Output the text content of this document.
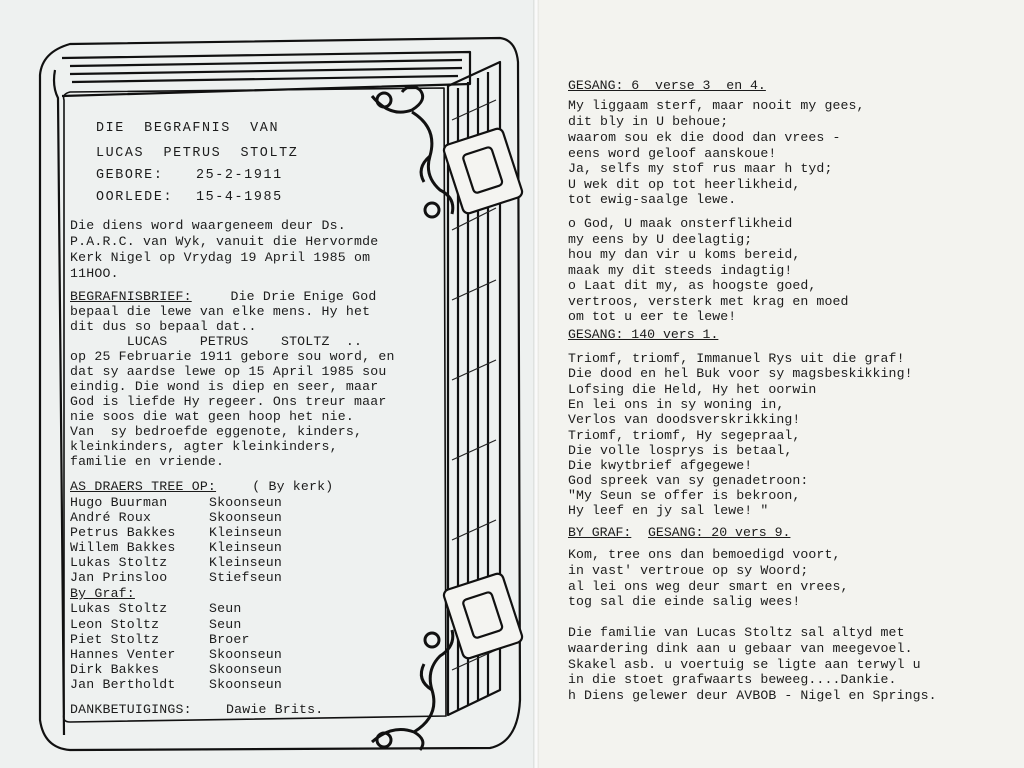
DIE  BEGRAFNIS  VAN
LUCAS  PETRUS  STOLTZ
GEBORE: 25-2-1911
OORLEDE: 15-4-1985
Die diens word waargeneem deur Ds.
P.A.R.C. van Wyk, vanuit die Hervormde
Kerk Nigel op Vrydag 19 April 1985 om
11HOO.
BEGRAFNISBRIEF: Die Drie Enige God
bepaal die lewe van elke mens. Hy het
dit dus so bepaal dat..
LUCAS    PETRUS    STOLTZ  ..
op 25 Februarie 1911 gebore sou word, en
dat sy aardse lewe op 15 April 1985 sou
eindig. Die wond is diep en seer, maar
God is liefde Hy regeer. Ons treur maar
nie soos die wat geen hoop het nie.
Van  sy bedroefde eggenote, kinders,
kleinkinders, agter kleinkinders,
familie en vriende.
AS DRAERS TREE OP: ( By kerk)
Hugo Buurman	Skoonseun
André Roux	Skoonseun
Petrus Bakkes	Kleinseun
Willem Bakkes	Kleinseun
Lukas Stoltz	Kleinseun
Jan Prinsloo	Stiefseun
By Graf:
Lukas Stoltz	Seun
Leon Stoltz	Seun
Piet Stoltz	Broer
Hannes Venter	Skoonseun
Dirk Bakkes	Skoonseun
Jan Bertholdt	Skoonseun
DANKBETUIGINGS:	Dawie Brits.
GESANG: 6  verse 3  en 4.
My liggaam sterf, maar nooit my gees,
dit bly in U behoue;
waarom sou ek die dood dan vrees -
eens word geloof aanskoue!
Ja, selfs my stof rus maar h tyd;
U wek dit op tot heerlikheid,
tot ewig-saalge lewe.
o God, U maak onsterflikheid
my eens by U deelagtig;
hou my dan vir u koms bereid,
maak my dit steeds indagtig!
o Laat dit my, as hoogste goed,
vertroos, versterk met krag en moed
om tot u eer te lewe!
GESANG: 140 vers 1.
Triomf, triomf, Immanuel Rys uit die graf!
Die dood en hel Buk voor sy magsbeskikking!
Lofsing die Held, Hy het oorwin
En lei ons in sy woning in,
Verlos van doodsverskrikking!
Triomf, triomf, Hy segepraal,
Die volle losprys is betaal,
Die kwytbrief afgegewe!
God spreek van sy genadetroon:
"My Seun se offer is bekroon,
Hy leef en jy sal lewe! "
BY GRAF: GESANG: 20 vers 9.
Kom, tree ons dan bemoedigd voort,
in vast' vertroue op sy Woord;
al lei ons weg deur smart en vrees,
tog sal die einde salig wees!
Die familie van Lucas Stoltz sal altyd met
waardering dink aan u gebaar van meegevoel.
Skakel asb. u voertuig se ligte aan terwyl u
in die stoet grafwaarts beweeg....Dankie.
h Diens gelewer deur AVBOB - Nigel en Springs.
